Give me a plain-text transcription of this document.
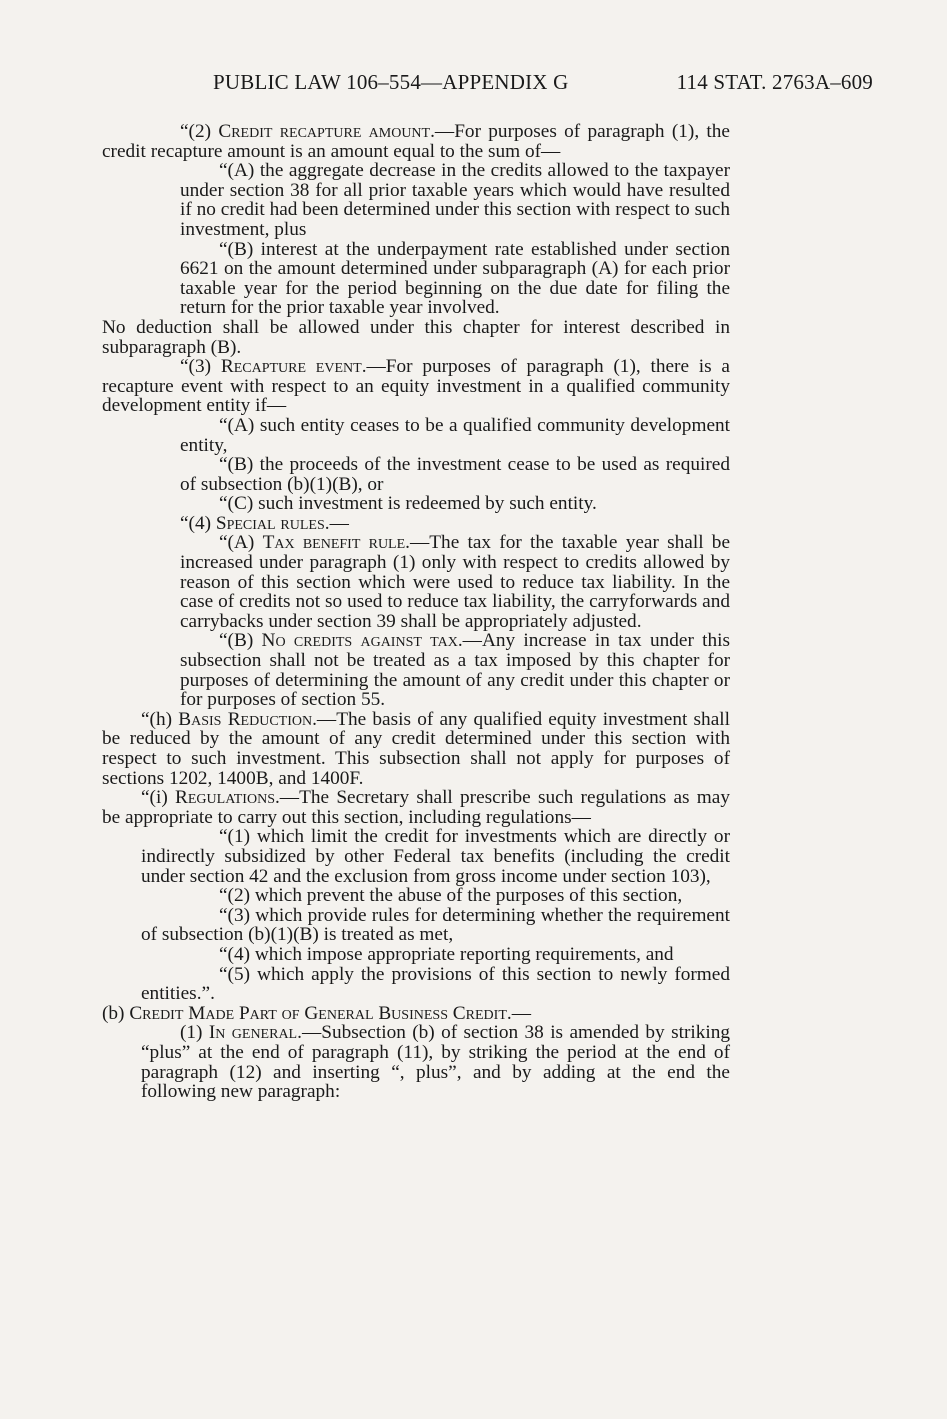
PUBLIC LAW 106–554—APPENDIX G	114 STAT. 2763A–609

“(2) Credit recapture amount.—For purposes of paragraph (1), the credit recapture amount is an amount equal to the sum of—

“(A) the aggregate decrease in the credits allowed to the taxpayer under section 38 for all prior taxable years which would have resulted if no credit had been determined under this section with respect to such investment, plus

“(B) interest at the underpayment rate established under section 6621 on the amount determined under subparagraph (A) for each prior taxable year for the period beginning on the due date for filing the return for the prior taxable year involved.

No deduction shall be allowed under this chapter for interest described in subparagraph (B).

“(3) Recapture event.—For purposes of paragraph (1), there is a recapture event with respect to an equity investment in a qualified community development entity if—

“(A) such entity ceases to be a qualified community development entity,

“(B) the proceeds of the investment cease to be used as required of subsection (b)(1)(B), or

“(C) such investment is redeemed by such entity.

“(4) Special rules.—

“(A) Tax benefit rule.—The tax for the taxable year shall be increased under paragraph (1) only with respect to credits allowed by reason of this section which were used to reduce tax liability. In the case of credits not so used to reduce tax liability, the carryforwards and carrybacks under section 39 shall be appropriately adjusted.

“(B) No credits against tax.—Any increase in tax under this subsection shall not be treated as a tax imposed by this chapter for purposes of determining the amount of any credit under this chapter or for purposes of section 55.

“(h) Basis Reduction.—The basis of any qualified equity investment shall be reduced by the amount of any credit determined under this section with respect to such investment. This subsection shall not apply for purposes of sections 1202, 1400B, and 1400F.

“(i) Regulations.—The Secretary shall prescribe such regulations as may be appropriate to carry out this section, including regulations—

“(1) which limit the credit for investments which are directly or indirectly subsidized by other Federal tax benefits (including the credit under section 42 and the exclusion from gross income under section 103),

“(2) which prevent the abuse of the purposes of this section,

“(3) which provide rules for determining whether the requirement of subsection (b)(1)(B) is treated as met,

“(4) which impose appropriate reporting requirements, and

“(5) which apply the provisions of this section to newly formed entities.”.

(b) Credit Made Part of General Business Credit.—

(1) In general.—Subsection (b) of section 38 is amended by striking “plus” at the end of paragraph (11), by striking the period at the end of paragraph (12) and inserting “, plus”, and by adding at the end the following new paragraph:
